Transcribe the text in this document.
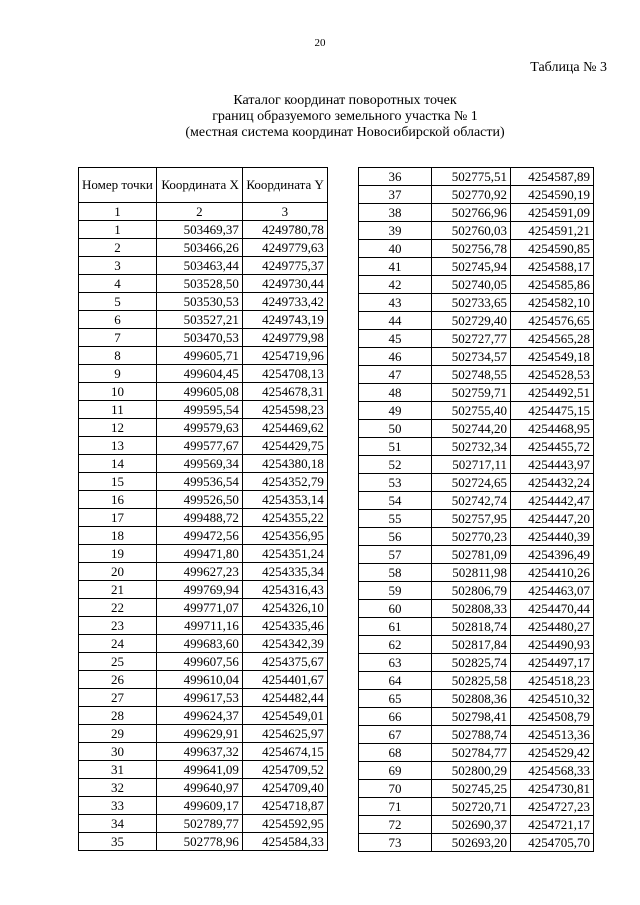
20
Таблица № 3
Каталог координат поворотных точек
границ образуемого земельного участка № 1
(местная система координат Новосибирской области)
Номер точки	Координата X	Координата Y
1	2	3
1	503469,37	4249780,78
2	503466,26	4249779,63
3	503463,44	4249775,37
4	503528,50	4249730,44
5	503530,53	4249733,42
6	503527,21	4249743,19
7	503470,53	4249779,98
8	499605,71	4254719,96
9	499604,45	4254708,13
10	499605,08	4254678,31
11	499595,54	4254598,23
12	499579,63	4254469,62
13	499577,67	4254429,75
14	499569,34	4254380,18
15	499536,54	4254352,79
16	499526,50	4254353,14
17	499488,72	4254355,22
18	499472,56	4254356,95
19	499471,80	4254351,24
20	499627,23	4254335,34
21	499769,94	4254316,43
22	499771,07	4254326,10
23	499711,16	4254335,46
24	499683,60	4254342,39
25	499607,56	4254375,67
26	499610,04	4254401,67
27	499617,53	4254482,44
28	499624,37	4254549,01
29	499629,91	4254625,97
30	499637,32	4254674,15
31	499641,09	4254709,52
32	499640,97	4254709,40
33	499609,17	4254718,87
34	502789,77	4254592,95
35	502778,96	4254584,33
36	502775,51	4254587,89
37	502770,92	4254590,19
38	502766,96	4254591,09
39	502760,03	4254591,21
40	502756,78	4254590,85
41	502745,94	4254588,17
42	502740,05	4254585,86
43	502733,65	4254582,10
44	502729,40	4254576,65
45	502727,77	4254565,28
46	502734,57	4254549,18
47	502748,55	4254528,53
48	502759,71	4254492,51
49	502755,40	4254475,15
50	502744,20	4254468,95
51	502732,34	4254455,72
52	502717,11	4254443,97
53	502724,65	4254432,24
54	502742,74	4254442,47
55	502757,95	4254447,20
56	502770,23	4254440,39
57	502781,09	4254396,49
58	502811,98	4254410,26
59	502806,79	4254463,07
60	502808,33	4254470,44
61	502818,74	4254480,27
62	502817,84	4254490,93
63	502825,74	4254497,17
64	502825,58	4254518,23
65	502808,36	4254510,32
66	502798,41	4254508,79
67	502788,74	4254513,36
68	502784,77	4254529,42
69	502800,29	4254568,33
70	502745,25	4254730,81
71	502720,71	4254727,23
72	502690,37	4254721,17
73	502693,20	4254705,70
